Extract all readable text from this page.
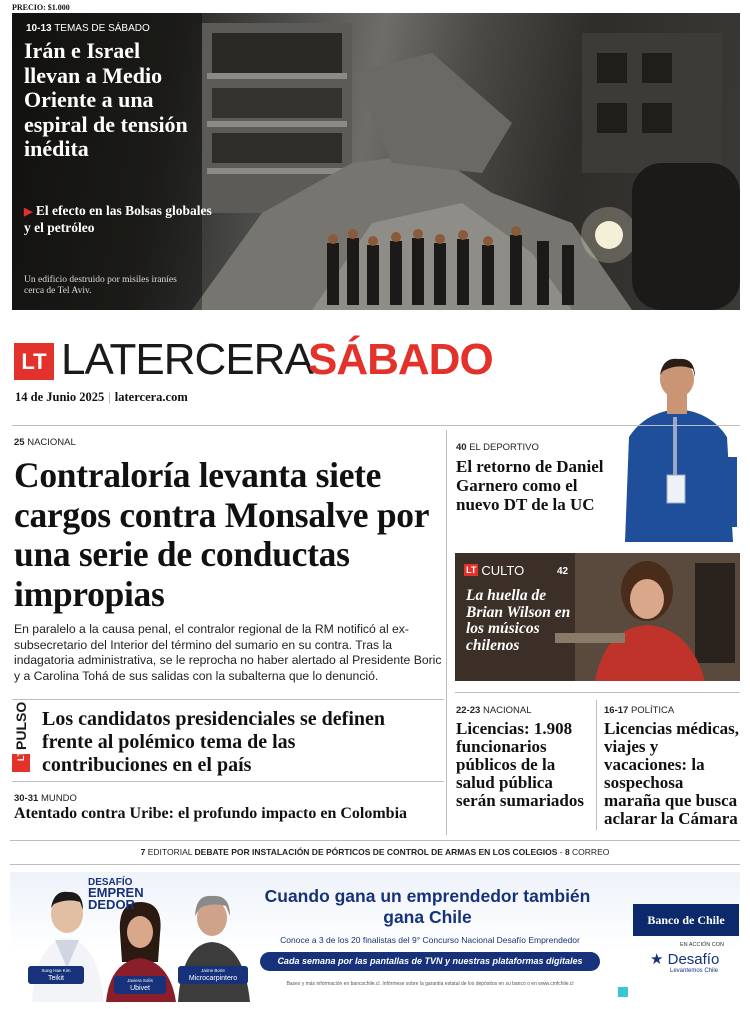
PRECIO: $1.000
10-13 TEMAS DE SÁBADO
Irán e Israel llevan a Medio Oriente a una espiral de tensión inédita
▶ El efecto en las Bolsas globales y el petróleo
Un edificio destruido por misiles iraníes cerca de Tel Aviv.
LT LATERCERA
SÁBADO
14 de Junio 2025 | latercera.com
25 NACIONAL
Contraloría levanta siete cargos contra Monsalve por una serie de conductas impropias
En paralelo a la causa penal, el contralor regional de la RM notificó al ex-subsecretario del Interior del término del sumario en su contra. Tras la indagatoria administrativa, se le reprocha no haber alertado al Presidente Boric y a Carolina Tohá de sus salidas con la subalterna que lo denunció.
LT
PULSO Los candidatos presidenciales se definen frente al polémico tema de las contribuciones en el país
30-31 MUNDO
Atentado contra Uribe: el profundo impacto en Colombia
40 EL DEPORTIVO
El retorno de Daniel Garnero como el nuevo DT de la UC
LT CULTO	42
La huella de Brian Wilson en los músicos chilenos
22-23 NACIONAL
Licencias: 1.908 funcionarios públicos de la salud pública serán sumariados
16-17 POLÍTICA
Licencias médicas, viajes y vacaciones: la sospechosa maraña que busca aclarar la Cámara
7 EDITORIAL DEBATE POR INSTALACIÓN DE PÓRTICOS DE CONTROL DE ARMAS EN LOS COLEGIOS - 8 CORREO
DESAFÍO
EMPREN
DEDOR
Sung Hae Kim
Teikit	Javiera Solís
Ubivet
Jaime Borie
Microcarpintero
Cuando gana un emprendedor también gana Chile
Conoce a 3 de los 20 finalistas del 9° Concurso Nacional Desafío Emprendedor
Cada semana por las pantallas de TVN y nuestras plataformas digitales
Bases y más información en bancochile.cl. Infórmese sobre la garantía estatal de los depósitos en su banco o en www.cmfchile.cl
Banco de Chile
EN ACCIÓN CON
★ Desafío
Levantemos Chile
